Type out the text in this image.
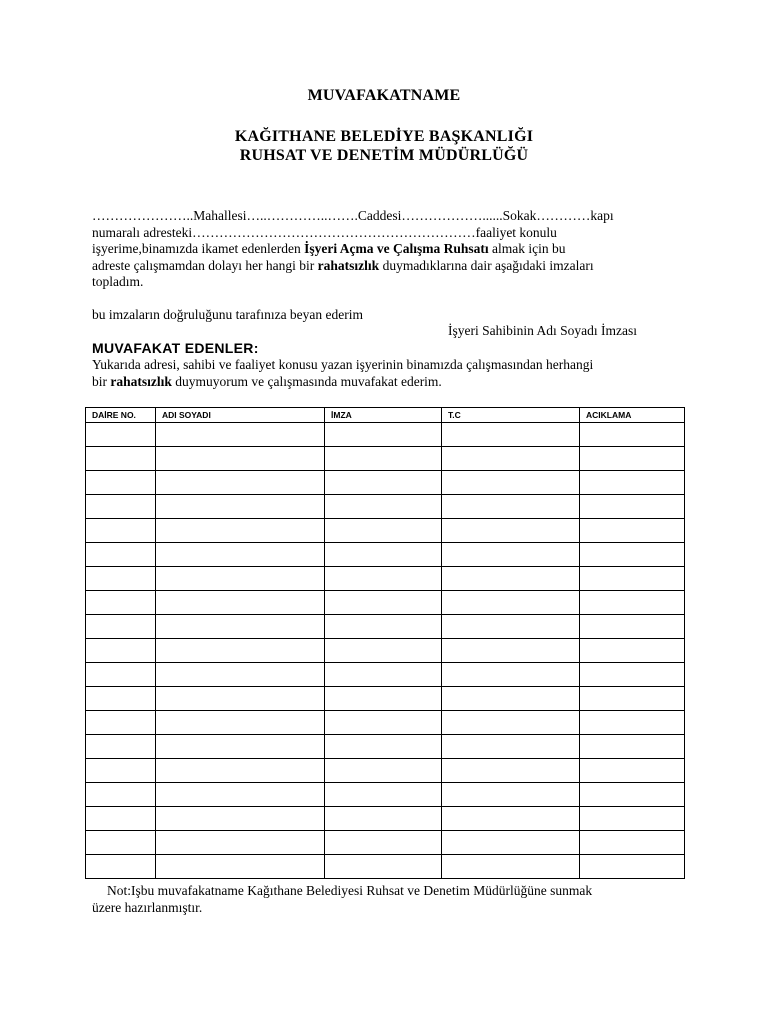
MUVAFAKATNAME
KAĞITHANE BELEDİYE BAŞKANLIĞI
RUHSAT VE DENETİM MÜDÜRLÜĞÜ
…………………..Mahallesi…..…………..…….Caddesi………………......Sokak…………kapı
numaralı adresteki………………………………………………………faaliyet konulu
işyerime,binamızda ikamet edenlerden İşyeri Açma ve Çalışma Ruhsatı almak için bu
adreste çalışmamdan dolayı her hangi bir rahatsızlık duymadıklarına dair aşağıdaki imzaları
topladım.
bu imzaların doğruluğunu tarafınıza beyan ederim
İşyeri Sahibinin Adı Soyadı İmzası
MUVAFAKAT EDENLER:
Yukarıda adresi, sahibi ve faaliyet konusu yazan işyerinin binamızda çalışmasından herhangi
bir rahatsızlık duymuyorum ve çalışmasında muvafakat ederim.
DAİRE NO.	ADI SOYADI	İMZA	T.C	ACIKLAMA

Not:Işbu muvafakatname Kağıthane Belediyesi Ruhsat ve Denetim Müdürlüğüne sunmak
üzere hazırlanmıştır.
